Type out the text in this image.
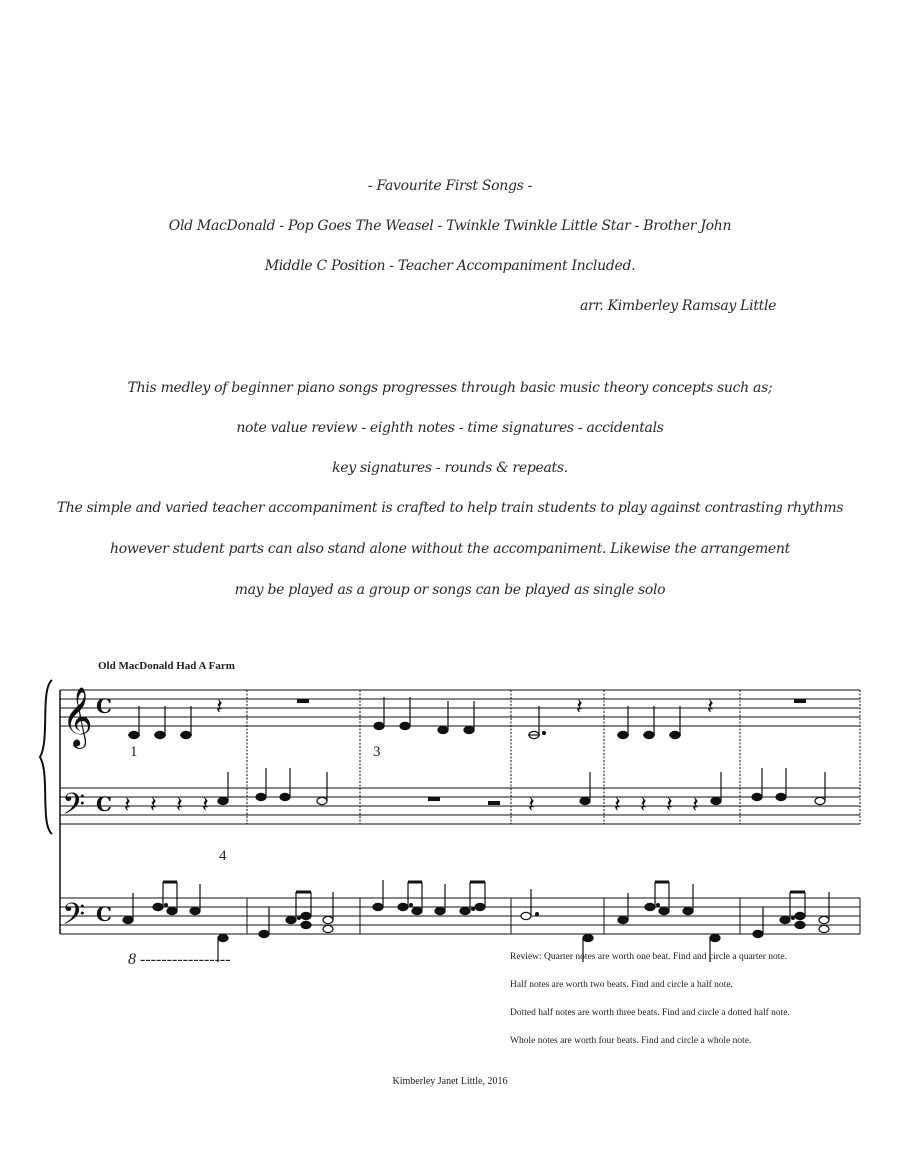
- Favourite First Songs -
Old MacDonald - Pop Goes The Weasel - Twinkle Twinkle Little Star - Brother John
Middle C Position - Teacher Accompaniment Included.
arr. Kimberley Ramsay Little
This medley of beginner piano songs progresses through basic music theory concepts such as;
note value review - eighth notes - time signatures - accidentals
key signatures - rounds & repeats.
The simple and varied teacher accompaniment is crafted to help train students to play against contrasting rhythms
however student parts can also stand alone without the accompaniment. Likewise the arrangement
may be played as a group or songs can be played as single solo
Old MacDonald Had A Farm
𝄞
𝄢
𝄢
C
C
C
𝄽	𝄽	𝄽
𝄽 𝄽 𝄽 𝄽	𝄽	𝄽 𝄽 𝄽 𝄽
1	3
4
8 -----------------	Review: Quarter notes are worth one beat. Find and circle a quarter note.
Half notes are worth two beats. Find and circle a half note.
Dotted half notes are worth three beats. Find and circle a dotted half note.
Whole notes are worth four beats. Find and circle a whole note.
Kimberley Janet Little, 2016
